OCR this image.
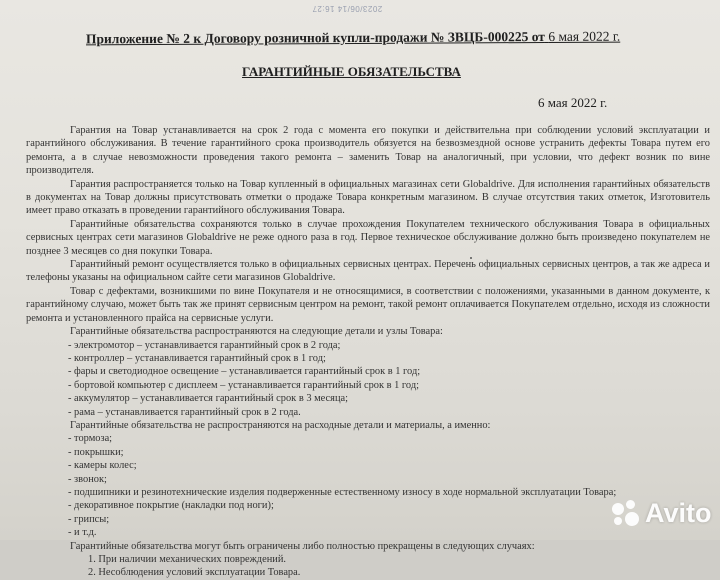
2023/06/14 16:27
Приложение № 2 к Договору розничной купли-продажи № ЗВЦБ-000225 от 6 мая 2022 г.
ГАРАНТИЙНЫЕ ОБЯЗАТЕЛЬСТВА
6 мая 2022 г.

Гарантия на Товар устанавливается на срок 2 года с момента его покупки и действительна при соблюдении условий эксплуатации и гарантийного обслуживания. В течение гарантийного срока производитель обязуется на безвозмездной основе устранить дефекты Товара путем его ремонта, а в случае невозможности проведения такого ремонта – заменить Товар на аналогичный, при условии, что дефект возник по вине производителя.

Гарантия распространяется только на Товар купленный в официальных магазинах сети Globaldrive. Для исполнения гарантийных обязательств в документах на Товар должны присутствовать отметки о продаже Товара конкретным магазином. В случае отсутствия таких отметок, Изготовитель имеет право отказать в проведении гарантийного обслуживания Товара.

Гарантийные обязательства сохраняются только в случае прохождения Покупателем технического обслуживания Товара в официальных сервисных центрах сети магазинов Globaldrive не реже одного раза в год. Первое техническое обслуживание должно быть произведено покупателем не позднее 3 месяцев со дня покупки Товара.

Гарантийный ремонт осуществляется только в официальных сервисных центрах. Перечень официальных сервисных центров, а так же адреса и телефоны указаны на официальном сайте сети магазинов Globaldrive.

Товар с дефектами, возникшими по вине Покупателя и не относящимися, в соответствии с положениями, указанными в данном документе, к гарантийному случаю, может быть так же принят сервисным центром на ремонт, такой ремонт оплачивается Покупателем отдельно, исходя из сложности ремонта и установленного прайса на сервисные услуги.

Гарантийные обязательства распространяются на следующие детали и узлы Товара:

- электромотор – устанавливается гарантийный срок в 2 года;
- контроллер – устанавливается гарантийный срок в 1 год;
- фары и светодиодное освещение – устанавливается гарантийный срок в 1 год;
- бортовой компьютер с дисплеем – устанавливается гарантийный срок в 1 год;
- аккумулятор – устанавливается гарантийный срок в 3 месяца;
- рама – устанавливается гарантийный срок в 2 года.

Гарантийные обязательства не распространяются на расходные детали и материалы, а именно:

- тормоза;
- покрышки;
- камеры колес;
- звонок;
- подшипники и резинотехнические изделия подверженные естественному износу в ходе нормальной эксплуатации Товара;
- декоративное покрытие (накладки под ноги);
- грипсы;
- и т.д.

Гарантийные обязательства могут быть ограничены либо полностью прекращены в следующих случаях:

1. При наличии механических повреждений.
2. Несоблюдения условий эксплуатации Товара.
Avito
